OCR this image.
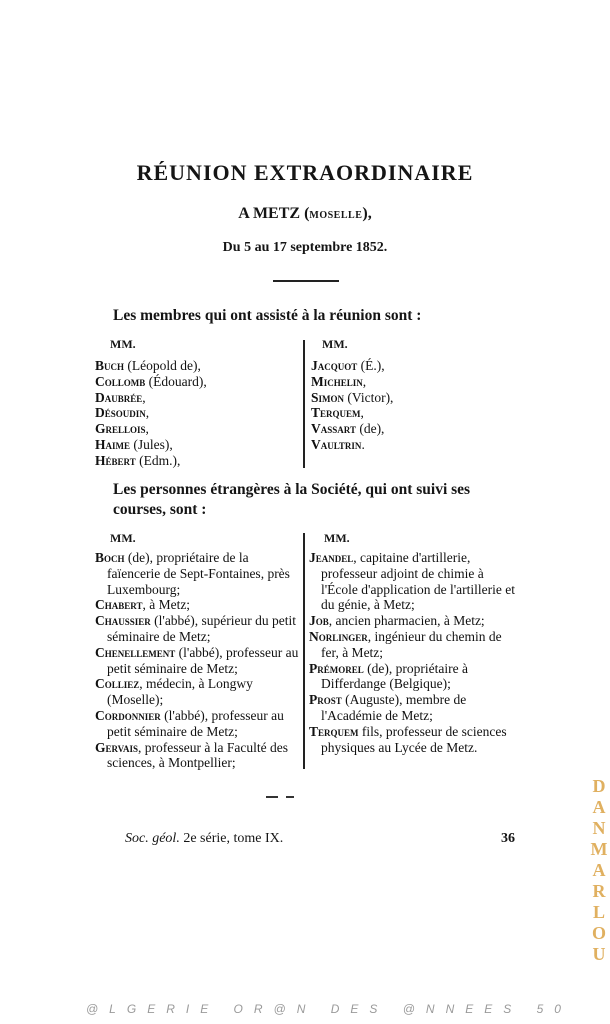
RÉUNION EXTRAORDINAIRE
A METZ (MOSELLE),
Du 5 au 17 septembre 1852.
Les membres qui ont assisté à la réunion sont :
MM.	MM.
Buch (Léopold de),
Collomb (Édouard),
Daubrée,
Désoudin,
Grellois,
Haime (Jules),
Hébert (Edm.),
Jacquot (É.),
Michelin,
Simon (Victor),
Terquem,
Vassart (de),
Vaultrin.
Les personnes étrangères à la Société, qui ont suivi ses
courses, sont :
MM.	MM.
Boch (de), propriétaire de la faïencerie de Sept-Fontaines, près Luxembourg;
Chabert, à Metz;
Chaussier (l'abbé), supérieur du petit séminaire de Metz;
Chenellement (l'abbé), professeur au petit séminaire de Metz;
Colliez, médecin, à Longwy (Moselle);
Cordonnier (l'abbé), professeur au petit séminaire de Metz;
Gervais, professeur à la Faculté des sciences, à Montpellier;
Jeandel, capitaine d'artillerie, professeur adjoint de chimie à l'École d'application de l'artillerie et du génie, à Metz;
Job, ancien pharmacien, à Metz;
Norlinger, ingénieur du chemin de fer, à Metz;
Prémorel (de), propriétaire à Differdange (Belgique);
Prost (Auguste), membre de l'Académie de Metz;
Terquem fils, professeur de sciences physiques au Lycée de Metz.
Soc. géol. 2e série, tome IX.	36
@LGERIE OR@N DES @NNEES 50
DANMARLOU
